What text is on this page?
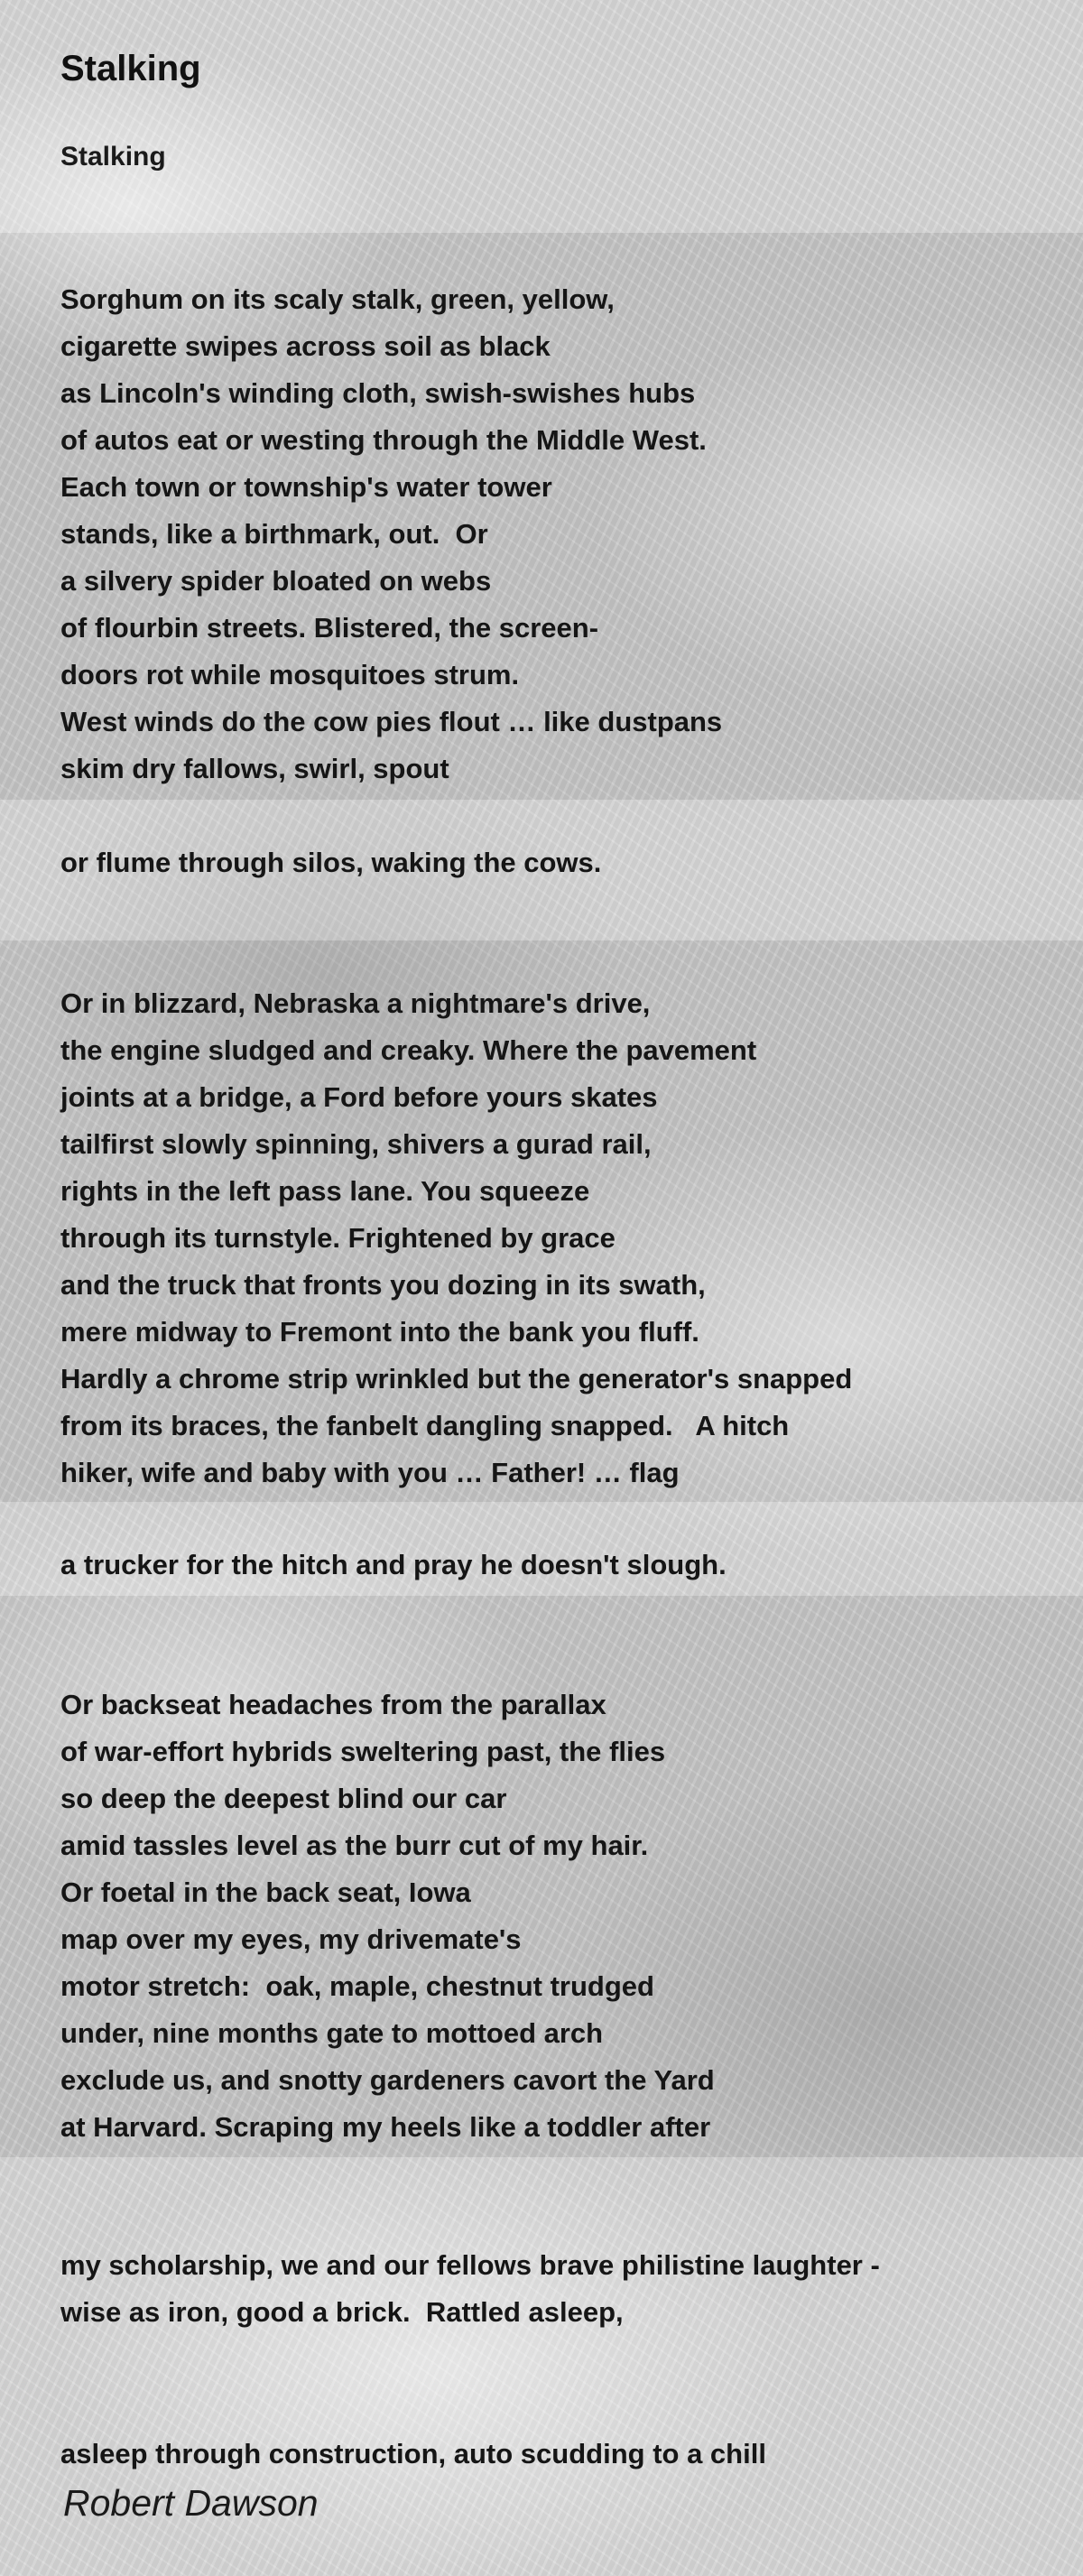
Stalking

Stalking

Sorghum on its scaly stalk, green, yellow,
cigarette swipes across soil as black
as Lincoln's winding cloth, swish-swishes hubs
of autos eat or westing through the Middle West.
Each town or township's water tower
stands, like a birthmark, out.  Or
a silvery spider bloated on webs
of flourbin streets. Blistered, the screen-
doors rot while mosquitoes strum.
West winds do the cow pies flout … like dustpans
skim dry fallows, swirl, spout
or flume through silos, waking the cows.
Or in blizzard, Nebraska a nightmare's drive,
the engine sludged and creaky. Where the pavement
joints at a bridge, a Ford before yours skates
tailfirst slowly spinning, shivers a gurad rail,
rights in the left pass lane. You squeeze
through its turnstyle. Frightened by grace
and the truck that fronts you dozing in its swath,
mere midway to Fremont into the bank you fluff.
Hardly a chrome strip wrinkled but the generator's snapped
from its braces, the fanbelt dangling snapped.   A hitch
hiker, wife and baby with you … Father! … flag
a trucker for the hitch and pray he doesn't slough.
Or backseat headaches from the parallax
of war-effort hybrids sweltering past, the flies
so deep the deepest blind our car
amid tassles level as the burr cut of my hair.
Or foetal in the back seat, Iowa
map over my eyes, my drivemate's
motor stretch:  oak, maple, chestnut trudged
under, nine months gate to mottoed arch
exclude us, and snotty gardeners cavort the Yard
at Harvard. Scraping my heels like a toddler after
my scholarship, we and our fellows brave philistine laughter -
wise as iron, good a brick.  Rattled asleep,
asleep through construction, auto scudding to a chill

Robert Dawson
